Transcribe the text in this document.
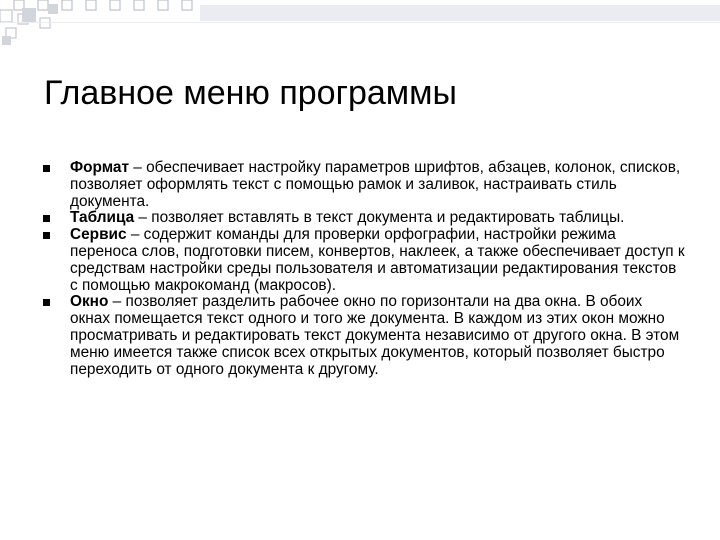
Главное меню программы
Формат – обеспечивает настройку параметров шрифтов, абзацев, колонок, списков, позволяет оформлять текст с помощью рамок и заливок, настраивать стиль документа.
Таблица – позволяет вставлять в текст документа и редактировать таблицы.
Сервис – содержит команды для проверки орфографии, настройки режима переноса слов, подготовки писем, конвертов, наклеек, а также обеспечивает доступ к средствам настройки среды пользователя и автоматизации редактирования текстов с помощью макрокоманд (макросов).
Окно – позволяет разделить рабочее окно по горизонтали на два окна. В обоих окнах помещается текст одного и того же документа. В каждом из этих окон можно просматривать и редактировать текст документа независимо от другого окна. В этом меню имеется также список всех открытых документов, который позволяет быстро переходить от одного документа к другому.
